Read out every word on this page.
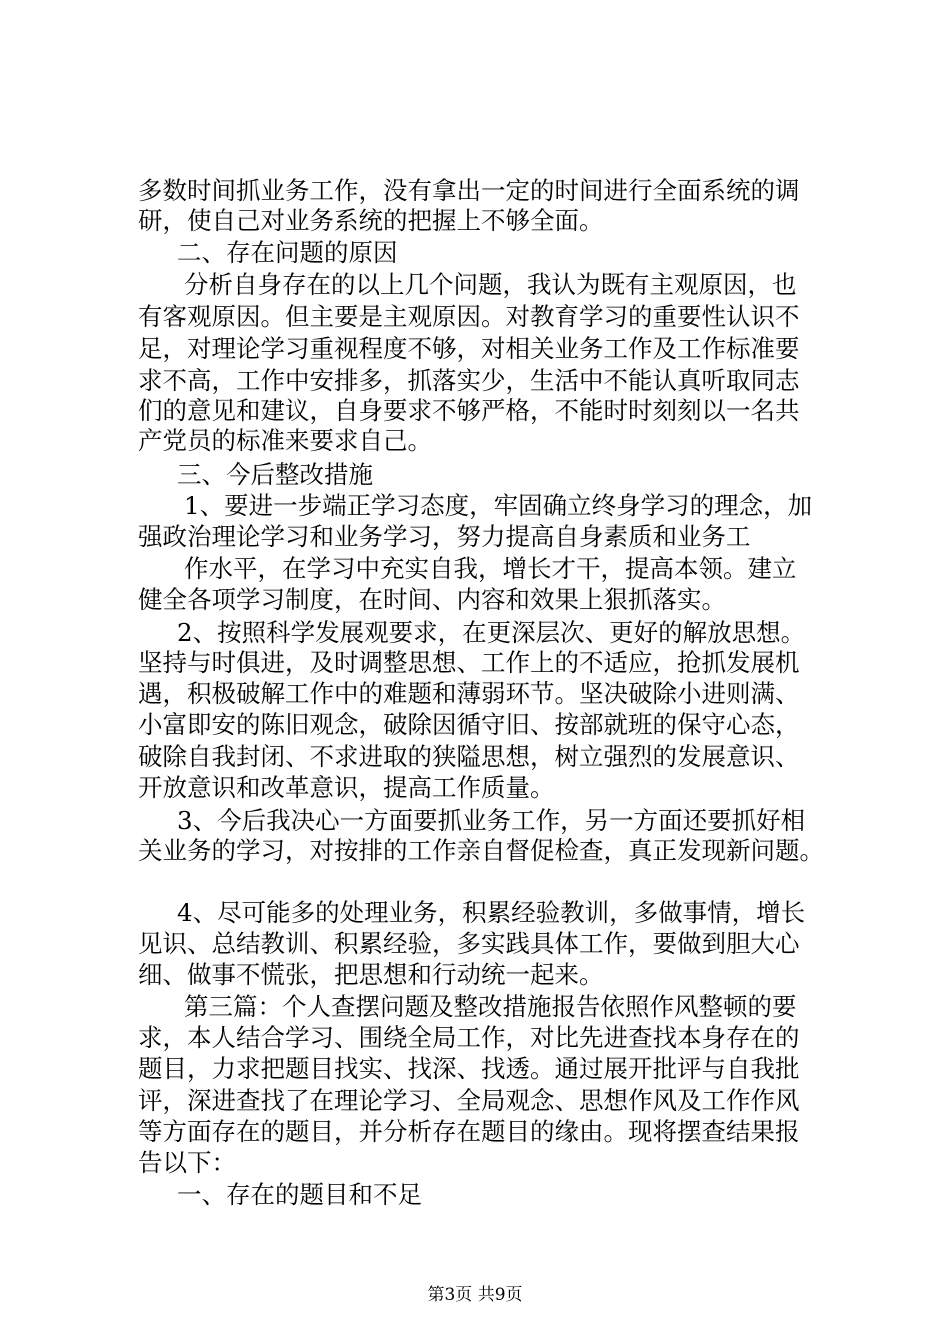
多数时间抓业务工作，没有拿出一定的时间进行全面系统的调
研，使自己对业务系统的把握上不够全面。
二、存在问题的原因
分析自身存在的以上几个问题，我认为既有主观原因，也
有客观原因。但主要是主观原因。对教育学习的重要性认识不
足，对理论学习重视程度不够，对相关业务工作及工作标准要
求不高，工作中安排多，抓落实少，生活中不能认真听取同志
们的意见和建议，自身要求不够严格，不能时时刻刻以一名共
产党员的标准来要求自己。
三、今后整改措施
1、要进一步端正学习态度，牢固确立终身学习的理念，加
强政治理论学习和业务学习，努力提高自身素质和业务工
作水平，在学习中充实自我，增长才干，提高本领。建立
健全各项学习制度，在时间、内容和效果上狠抓落实。
2、按照科学发展观要求，在更深层次、更好的解放思想。
坚持与时俱进，及时调整思想、工作上的不适应，抢抓发展机
遇，积极破解工作中的难题和薄弱环节。坚决破除小进则满、
小富即安的陈旧观念，破除因循守旧、按部就班的保守心态，
破除自我封闭、不求进取的狭隘思想，树立强烈的发展意识、
开放意识和改革意识，提高工作质量。
3、今后我决心一方面要抓业务工作，另一方面还要抓好相
关业务的学习，对按排的工作亲自督促检查，真正发现新问题。
4、尽可能多的处理业务，积累经验教训，多做事情，增长
见识、总结教训、积累经验，多实践具体工作，要做到胆大心
细、做事不慌张，把思想和行动统一起来。
第三篇：个人查摆问题及整改措施报告依照作风整顿的要
求，本人结合学习、围绕全局工作，对比先进查找本身存在的
题目，力求把题目找实、找深、找透。通过展开批评与自我批
评，深进查找了在理论学习、全局观念、思想作风及工作作风
等方面存在的题目，并分析存在题目的缘由。现将摆查结果报
告以下：
一、存在的题目和不足
第3页 共9页
